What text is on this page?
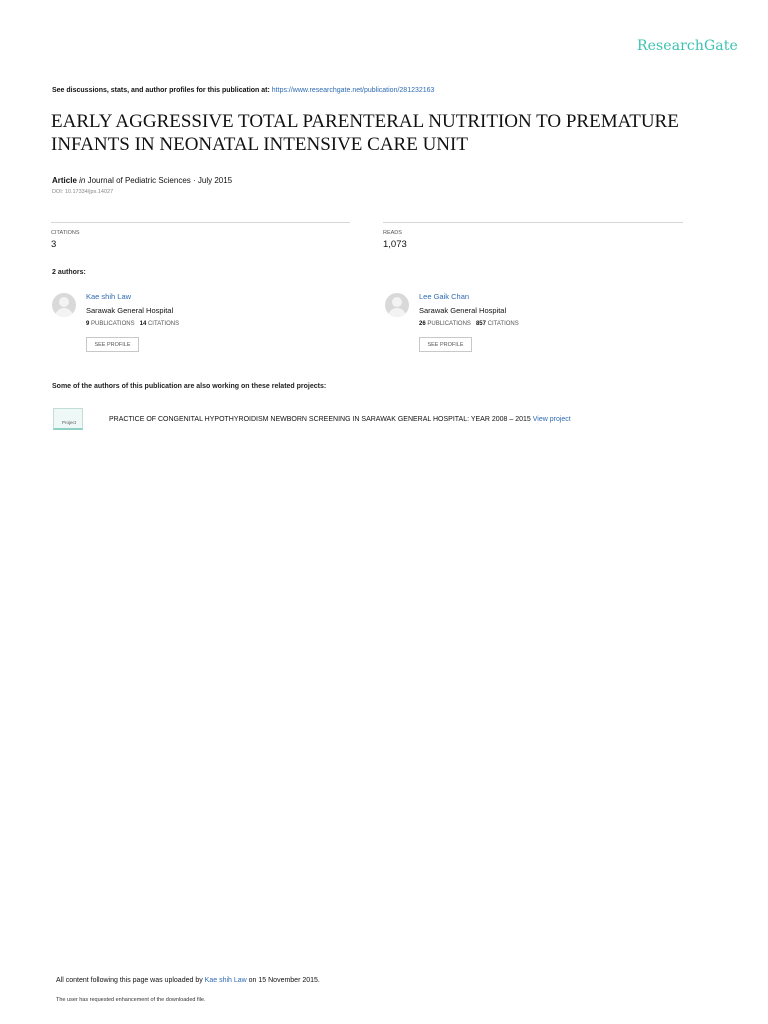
ResearchGate
See discussions, stats, and author profiles for this publication at: https://www.researchgate.net/publication/281232163
EARLY AGGRESSIVE TOTAL PARENTERAL NUTRITION TO PREMATURE INFANTS IN NEONATAL INTENSIVE CARE UNIT
Article in Journal of Pediatric Sciences · July 2015
DOI: 10.17334/jps.14027
CITATIONS
3
READS
1,073
2 authors:
Kae shih Law
Sarawak General Hospital
9 PUBLICATIONS 14 CITATIONS
SEE PROFILE
Lee Gaik Chan
Sarawak General Hospital
26 PUBLICATIONS 857 CITATIONS
SEE PROFILE
Some of the authors of this publication are also working on these related projects:
Project	PRACTICE OF CONGENITAL HYPOTHYROIDISM NEWBORN SCREENING IN SARAWAK GENERAL HOSPITAL: YEAR 2008 – 2015 View project
All content following this page was uploaded by Kae shih Law on 15 November 2015.
The user has requested enhancement of the downloaded file.
